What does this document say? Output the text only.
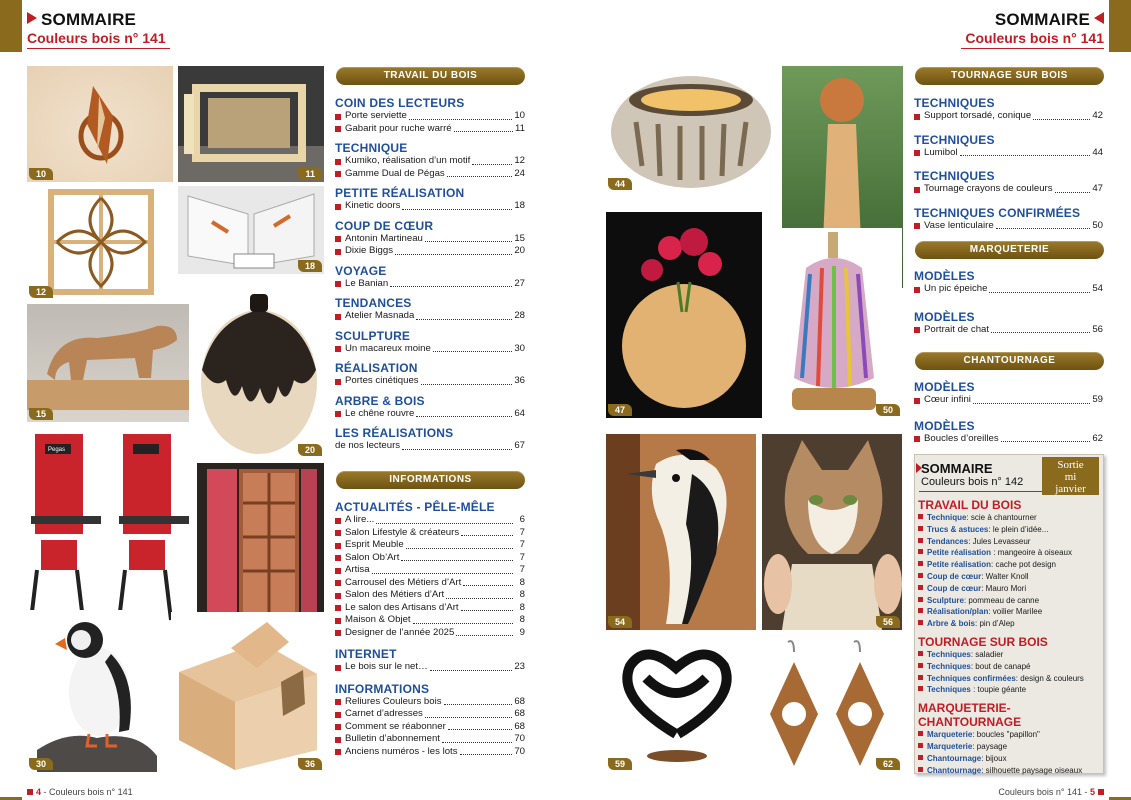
SOMMAIRE
Couleurs bois n° 141
SOMMAIRE
Couleurs bois n° 141
10	11
12
18
15
20
Pegas
30	36
TRAVAIL DU BOIS
COIN DES LECTEURS
Porte serviette	10
Gabarit pour ruche warré	11
TECHNIQUE
Kumiko, réalisation d’un motif	12
Gamme Dual de Pégas	24
PETITE RÉALISATION
Kinetic doors	18
COUP DE CŒUR
Antonin Martineau	15
Dixie Biggs	20
VOYAGE
Le Banian	27
TENDANCES
Atelier Masnada	28
SCULPTURE
Un macareux moine	30
RÉALISATION
Portes cinétiques	36
ARBRE & BOIS
Le chêne rouvre	64
LES RÉALISATIONS
de nos lecteurs	67
INFORMATIONS
ACTUALITÉS - PÊLE-MÊLE
A lire...	6
Salon Lifestyle & créateurs	7
Esprit Meuble	7
Salon Ob’Art	7
Artisa	7
Carrousel des Métiers d’Art	8
Salon des Métiers d’Art	8
Le salon des Artisans d’Art	8
Maison & Objet	8
Designer de l’année 2025	9
INTERNET
Le bois sur le net…	23
INFORMATIONS
Reliures Couleurs bois	68
Carnet d’adresses	68
Comment se réabonner	68
Bulletin d’abonnement	70
Anciens numéros - les lots	70
44
47	50
54	56
59	62
TOURNAGE SUR BOIS
TECHNIQUES
Support torsadé, conique	42
TECHNIQUES
Lumibol	44
TECHNIQUES
Tournage crayons de couleurs	47
TECHNIQUES CONFIRMÉES
Vase lenticulaire	50
MARQUETERIE
MODÈLES
Un pic épeiche	54
MODÈLES
Portrait de chat	56
CHANTOURNAGE
MODÈLES
Cœur infini	59
MODÈLES
Boucles d’oreilles	62
SOMMAIRE
Couleurs bois n° 142
Sortie
mi
janvier
TRAVAIL DU BOIS
Technique: scie à chantourner
Trucs & astuces: le plein d’idée...
Tendances: Jules Levasseur
Petite réalisation : mangeoire à oiseaux
Petite réalisation: cache pot design
Coup de cœur: Walter Knoll
Coup de cœur: Mauro Mori
Sculpture: pommeau de canne
Réalisation/plan: voilier Marilee
Arbre & bois: pin d’Alep
TOURNAGE SUR BOIS
Techniques: saladier
Techniques: bout de canapé
Techniques confirmées: design & couleurs
Techniques : toupie géante
MARQUETERIE-CHANTOURNAGE
Marqueterie: boucles "papillon"
Marqueterie: paysage
Chantournage: bijoux
Chantournage: silhouette paysage oiseaux
4 - Couleurs bois n° 141	Couleurs bois n° 141 - 5
